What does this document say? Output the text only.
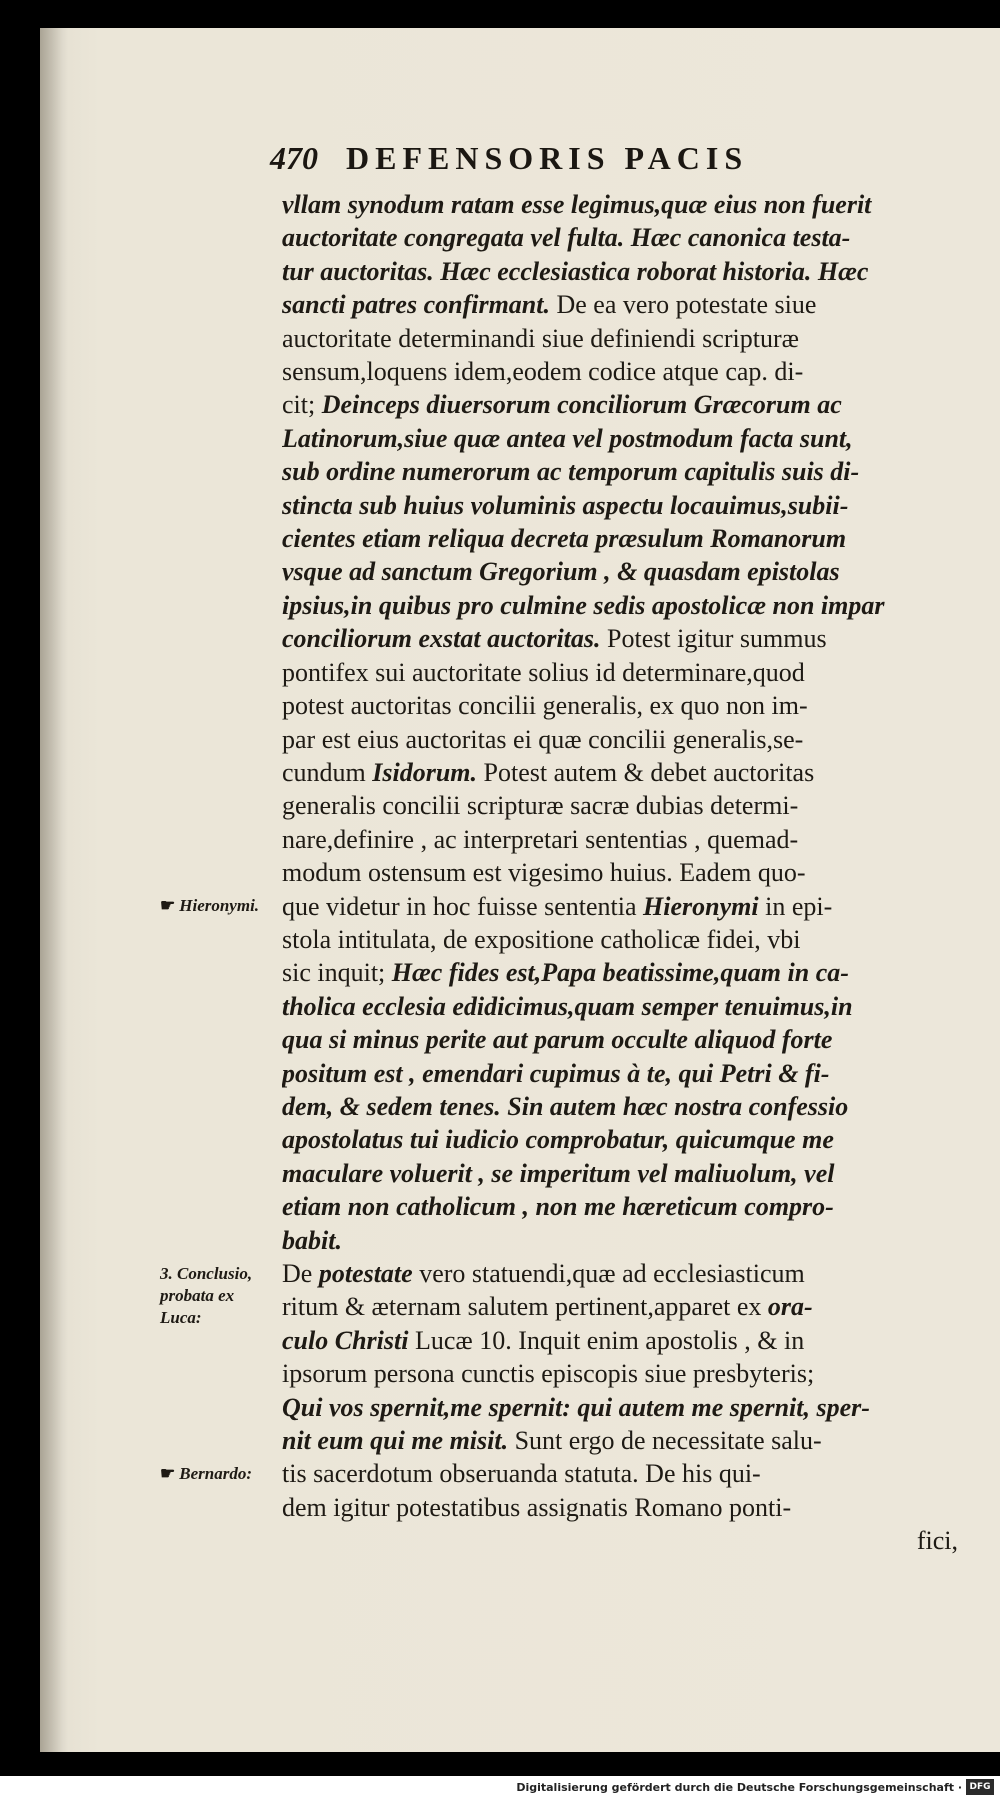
470 DEFENSORIS PACIS
vllam synodum ratam esse legimus,quæ eius non fuerit
auctoritate congregata vel fulta. Hæc canonica testa-
tur auctoritas. Hæc ecclesiastica roborat historia. Hæc
sancti patres confirmant. De ea vero potestate siue
auctoritate determinandi siue definiendi scripturæ
sensum,loquens idem,eodem codice atque cap. di-
cit; Deinceps diuersorum conciliorum Græcorum ac
Latinorum,siue quæ antea vel postmodum facta sunt,
sub ordine numerorum ac temporum capitulis suis di-
stincta sub huius voluminis aspectu locauimus,subii-
cientes etiam reliqua decreta præsulum Romanorum
vsque ad sanctum Gregorium , & quasdam epistolas
ipsius,in quibus pro culmine sedis apostolicæ non impar
conciliorum exstat auctoritas. Potest igitur summus
pontifex sui auctoritate solius id determinare,quod
potest auctoritas concilii generalis, ex quo non im-
par est eius auctoritas ei quæ concilii generalis,se-
cundum Isidorum. Potest autem & debet auctoritas
generalis concilii scripturæ sacræ dubias determi-
nare,definire , ac interpretari sententias , quemad-
modum ostensum est vigesimo huius. Eadem quo-
que videtur in hoc fuisse sententia Hieronymi in epi-
stola intitulata, de expositione catholicæ fidei, vbi
sic inquit; Hæc fides est,Papa beatissime,quam in ca-
tholica ecclesia edidicimus,quam semper tenuimus,in
qua si minus perite aut parum occulte aliquod forte
positum est , emendari cupimus à te, qui Petri & fi-
dem, & sedem tenes. Sin autem hæc nostra confessio
apostolatus tui iudicio comprobatur, quicumque me
maculare voluerit , se imperitum vel maliuolum, vel
etiam non catholicum , non me hæreticum compro-
babit.
De potestate vero statuendi,quæ ad ecclesiasticum
ritum & æternam salutem pertinent,apparet ex ora-
culo Christi Lucæ 10. Inquit enim apostolis , & in
ipsorum persona cunctis episcopis siue presbyteris;
Qui vos spernit,me spernit: qui autem me spernit, sper-
nit eum qui me misit. Sunt ergo de necessitate salu-
tis sacerdotum obseruanda statuta. De his qui-
dem igitur potestatibus assignatis Romano ponti-
fici,
☛ Hieronymi.
3. Conclusio,
probata ex
Luca:
☛ Bernardo:
Digitalisierung gefördert durch die Deutsche Forschungsgemeinschaft · DFG
